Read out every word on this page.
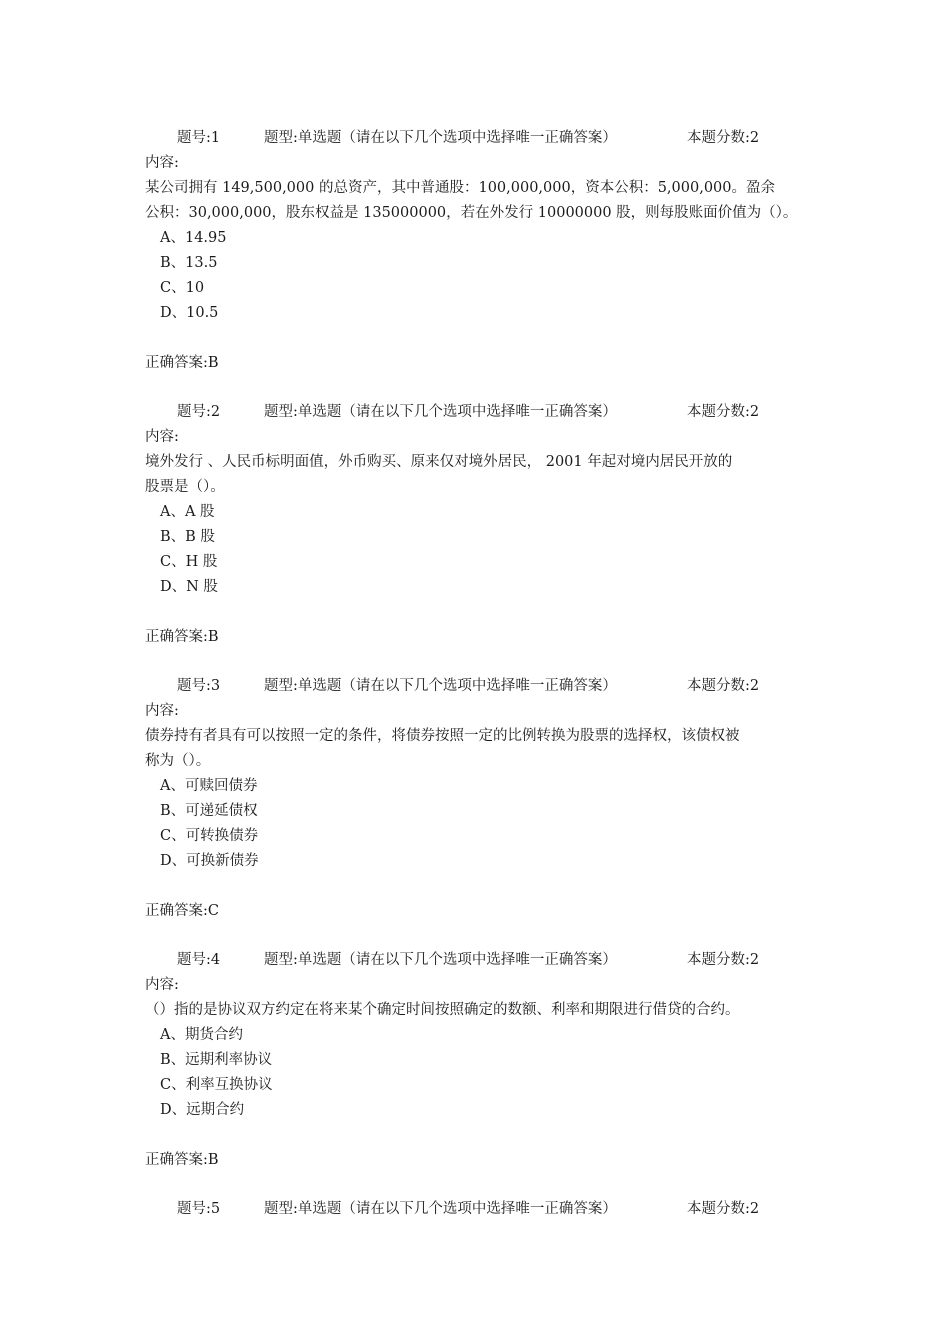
题号:1	题型:单选题（请在以下几个选项中选择唯一正确答案）	本题分数:2
内容:
某公司拥有 149,500,000 的总资产，其中普通股：100,000,000，资本公积：5,000,000。盈余
公积：30,000,000，股东权益是 135000000，若在外发行 10000000 股，则每股账面价值为（）。
A、14.95
B、13.5
C、10
D、10.5
正确答案:B
题号:2	题型:单选题（请在以下几个选项中选择唯一正确答案）	本题分数:2
内容:
境外发行 、人民币标明面值，外币购买、原来仅对境外居民， 2001 年起对境内居民开放的
股票是（）。
A、A 股
B、B 股
C、H 股
D、N 股
正确答案:B
题号:3	题型:单选题（请在以下几个选项中选择唯一正确答案）	本题分数:2
内容:
债券持有者具有可以按照一定的条件，将债券按照一定的比例转换为股票的选择权，该债权被
称为（）。
A、可赎回债券
B、可递延债权
C、可转换债券
D、可换新债券
正确答案:C
题号:4	题型:单选题（请在以下几个选项中选择唯一正确答案）	本题分数:2
内容:
（）指的是协议双方约定在将来某个确定时间按照确定的数额、利率和期限进行借贷的合约。
A、期货合约
B、远期利率协议
C、利率互换协议
D、远期合约
正确答案:B
题号:5	题型:单选题（请在以下几个选项中选择唯一正确答案）	本题分数:2
